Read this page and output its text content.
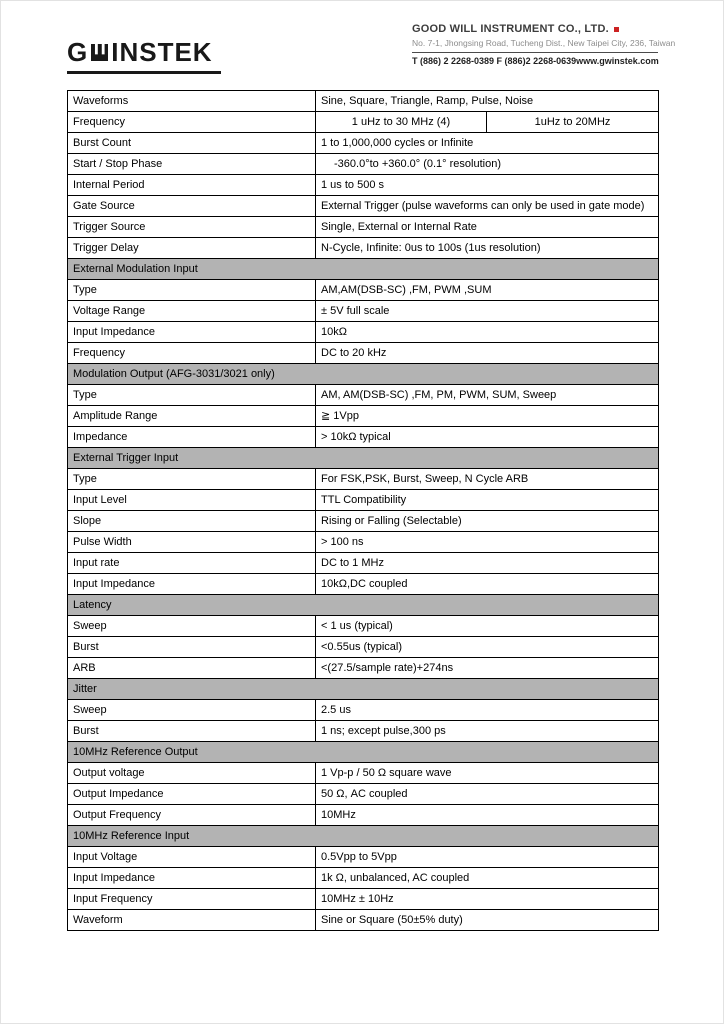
G INSTEK
GOOD WILL INSTRUMENT CO., LTD.
No. 7-1, Jhongsing Road, Tucheng Dist., New Taipei City, 236, Taiwan
T (886) 2 2268-0389 F (886)2 2268-0639 www.gwinstek.com
Waveforms	Sine, Square, Triangle, Ramp, Pulse, Noise	
Frequency	1 uHz to 30 MHz (4)	1uHz to 20MHz
Burst Count	1 to 1,000,000 cycles or Infinite	
Start / Stop Phase	-360.0°to +360.0° (0.1° resolution)	
Internal Period	1 us to 500 s	
Gate Source	External Trigger (pulse waveforms can only be used in gate mode)	
Trigger Source	Single, External or Internal Rate	
Trigger Delay	N-Cycle, Infinite: 0us to 100s (1us resolution)	
External Modulation Input		
Type	AM,AM(DSB-SC) ,FM, PWM ,SUM	
Voltage Range	± 5V full scale	
Input Impedance	10kΩ	
Frequency	DC to 20 kHz	
Modulation Output (AFG-3031/3021 only)		
Type	AM, AM(DSB-SC) ,FM, PM, PWM, SUM, Sweep	
Amplitude Range	≧ 1Vpp	
Impedance	> 10kΩ typical	
External Trigger Input		
Type	For FSK,PSK, Burst, Sweep, N Cycle ARB	
Input Level	TTL Compatibility	
Slope	Rising or Falling (Selectable)	
Pulse Width	> 100 ns	
Input rate	DC to 1 MHz	
Input Impedance	10kΩ,DC coupled	
Latency		
Sweep	< 1 us (typical)	
Burst	<0.55us (typical)	
ARB	<(27.5/sample rate)+274ns	
Jitter		
Sweep	2.5 us	
Burst	1 ns; except pulse,300 ps	
10MHz Reference Output		
Output voltage	1 Vp-p / 50 Ω square wave	
Output Impedance	50 Ω, AC coupled	
Output Frequency	10MHz	
10MHz Reference Input		
Input Voltage	0.5Vpp to 5Vpp	
Input Impedance	1k Ω, unbalanced, AC coupled	
Input Frequency	10MHz ± 10Hz	
Waveform	Sine or Square (50±5% duty)	
